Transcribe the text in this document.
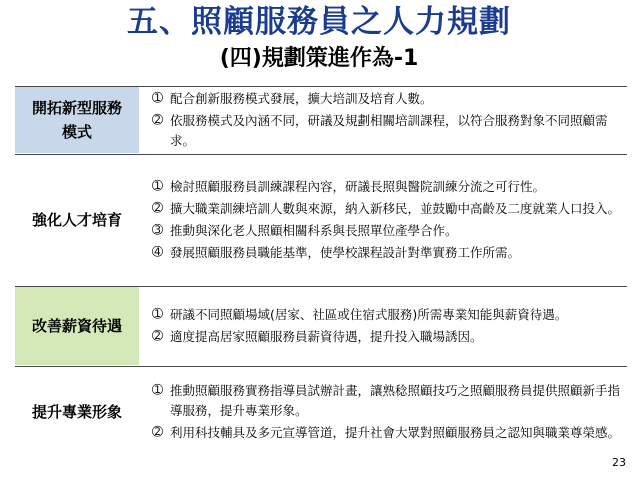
五、照顧服務員之人力規劃
(四)規劃策進作為-1
開拓新型服務模式
➀ 配合創新服務模式發展，擴大培訓及培育人數。
➁ 依服務模式及內涵不同，研議及規劃相關培訓課程，以符合服務對象不同照顧需求。
強化人才培育
➀ 檢討照顧服務員訓練課程內容，研議長照與醫院訓練分流之可行性。
➁ 擴大職業訓練培訓人數與來源，納入新移民，並鼓勵中高齡及二度就業人口投入。
➂ 推動與深化老人照顧相關科系與長照單位產學合作。
➃ 發展照顧服務員職能基準，使學校課程設計對準實務工作所需。
改善薪資待遇
➀ 研議不同照顧場域(居家、社區或住宿式服務)所需專業知能與薪資待遇。
➁ 適度提高居家照顧服務員薪資待遇，提升投入職場誘因。
提升專業形象
➀ 推動照顧服務實務指導員試辦計畫，讓熟稔照顧技巧之照顧服務員提供照顧新手指導服務，提升專業形象。
➁ 利用科技輔具及多元宣導管道，提升社會大眾對照顧服務員之認知與職業尊榮感。
23
